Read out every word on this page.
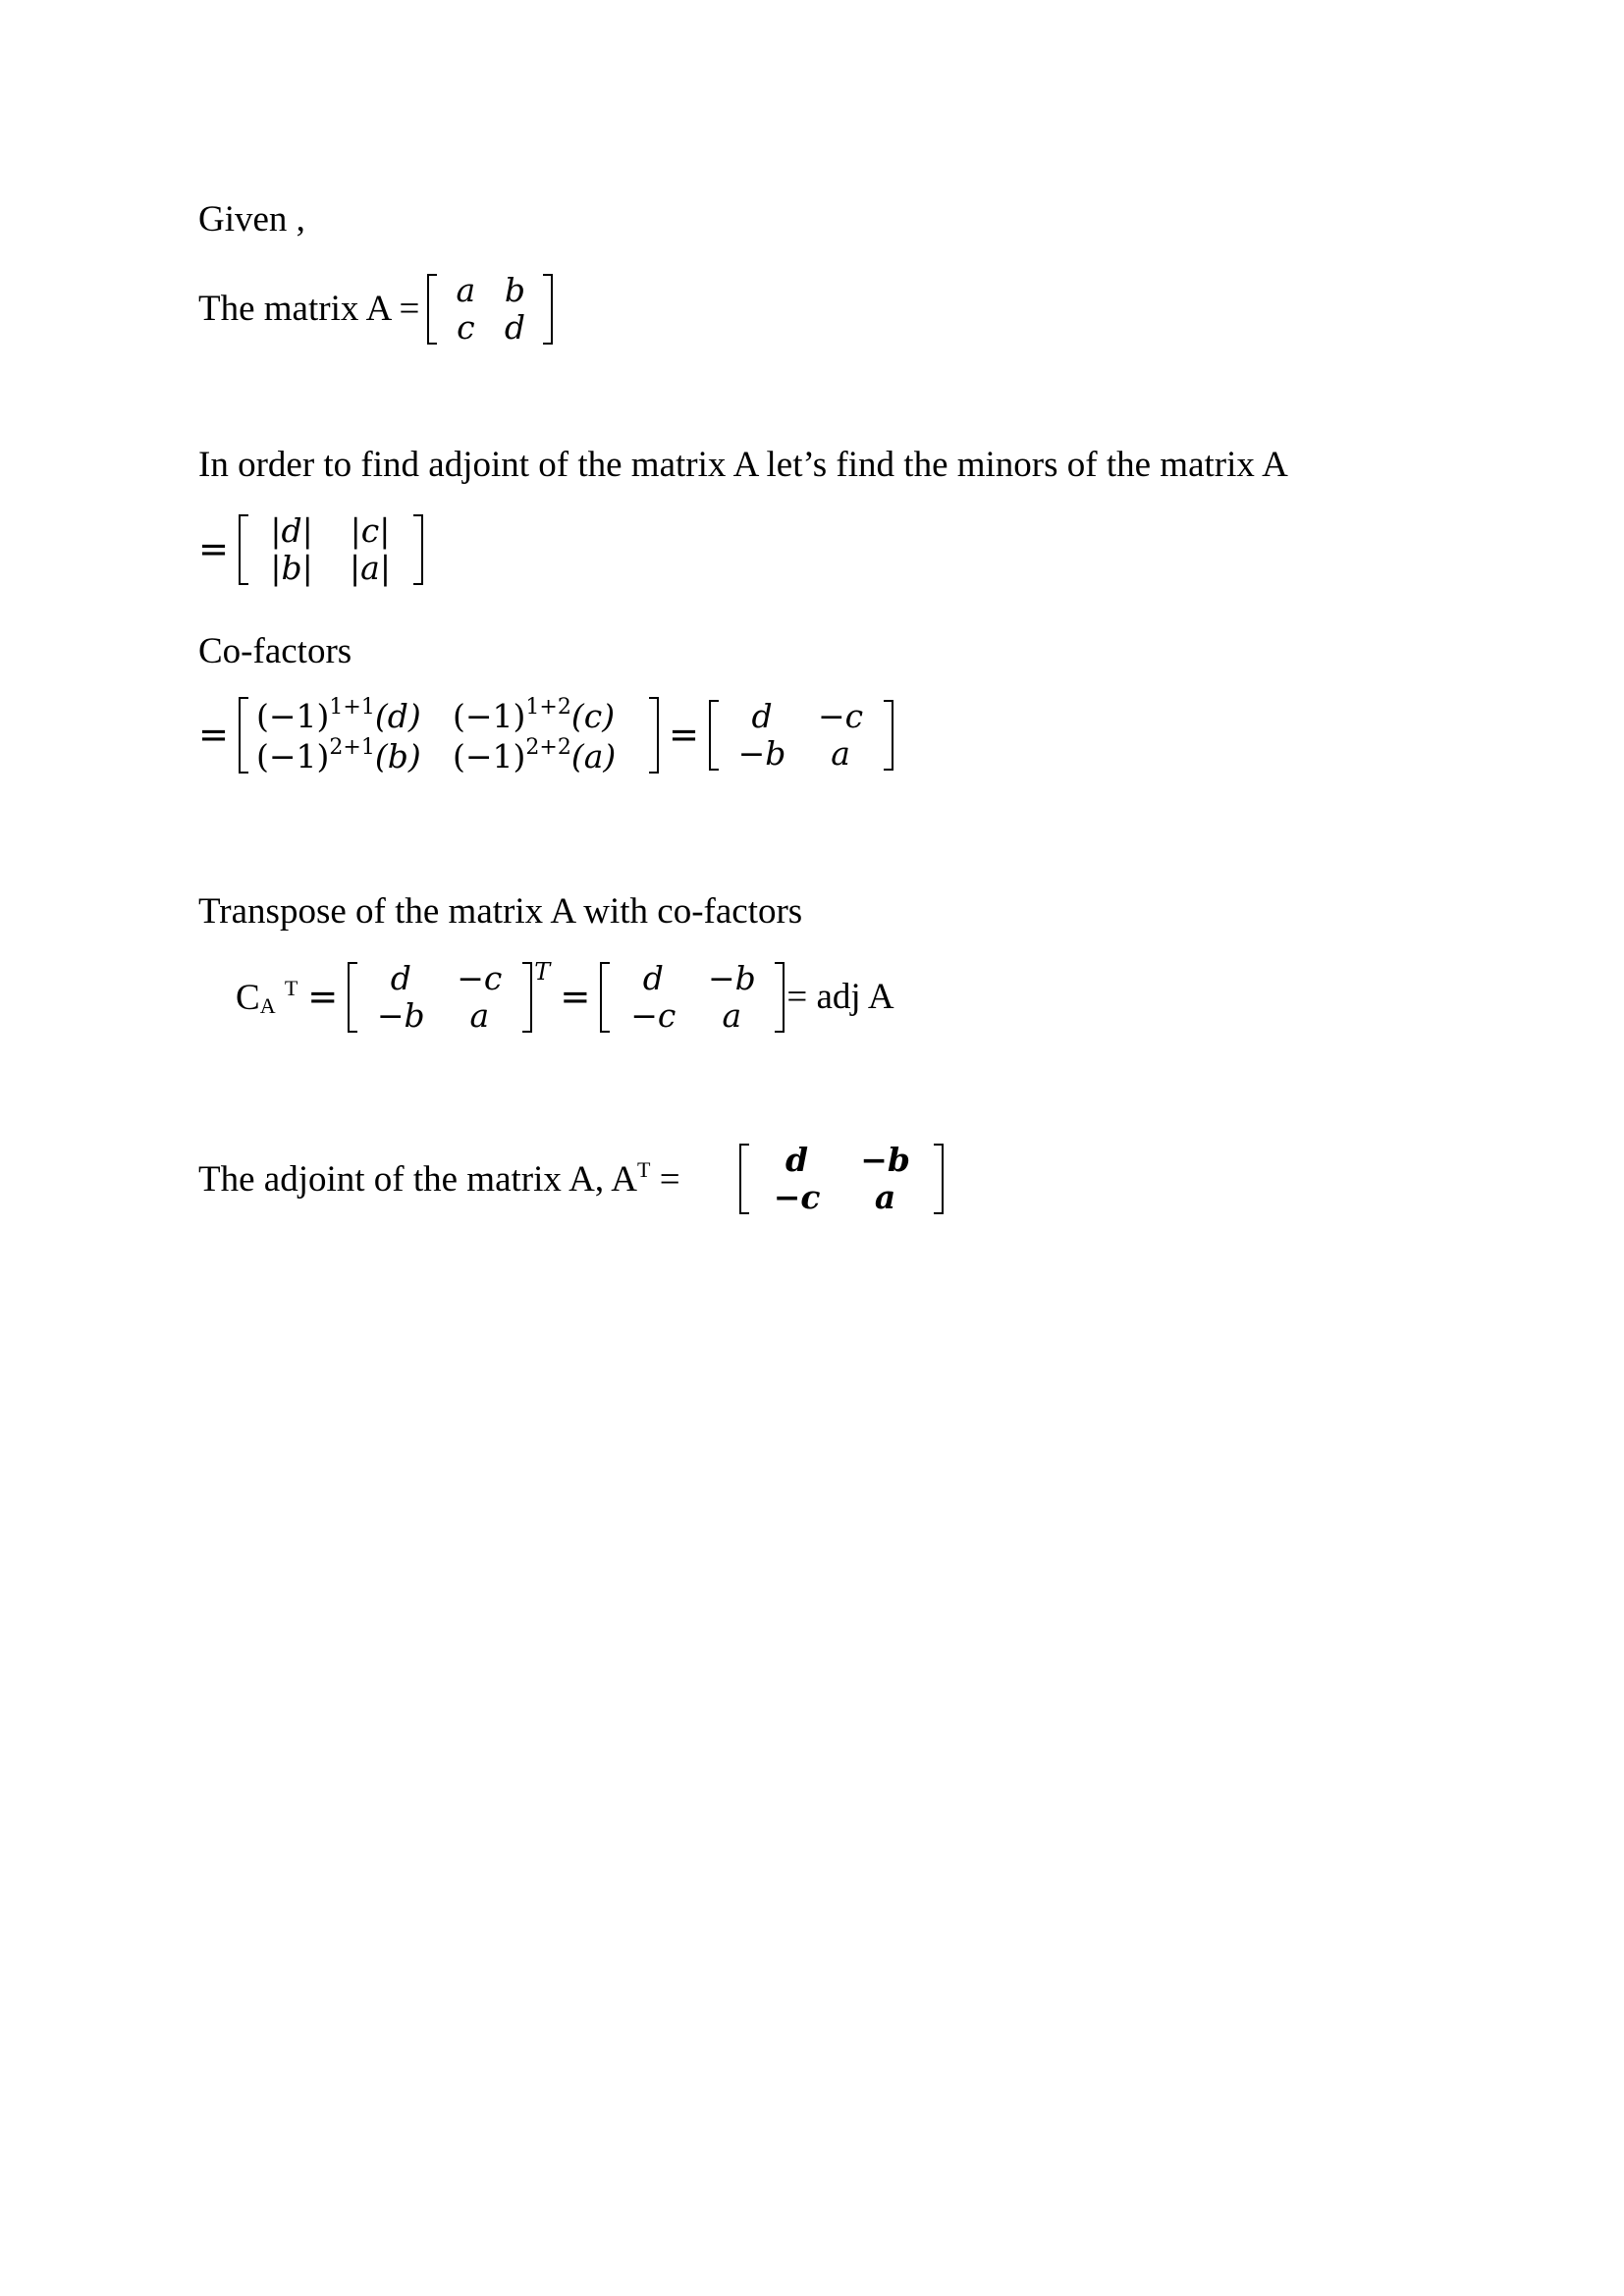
Given ,
The matrix A = a b
c d
In order to find adjoint of the matrix A let’s find the minors of the matrix A
= |d| |c|
|b| |a|
Co-factors
= $(-1)^{1+1}(d)$ $(-1)^{1+2}(c)$
$(-1)^{2+1}(b) (-1)^{2+2}(a) = d -c$
−b a
Transpose of the matrix A with co-factors
CA $^T$ = d −c
−b a
T
= d −b
−c a = adj A
The adjoint of the matrix A, $A^T$ =	d −b
−c a
